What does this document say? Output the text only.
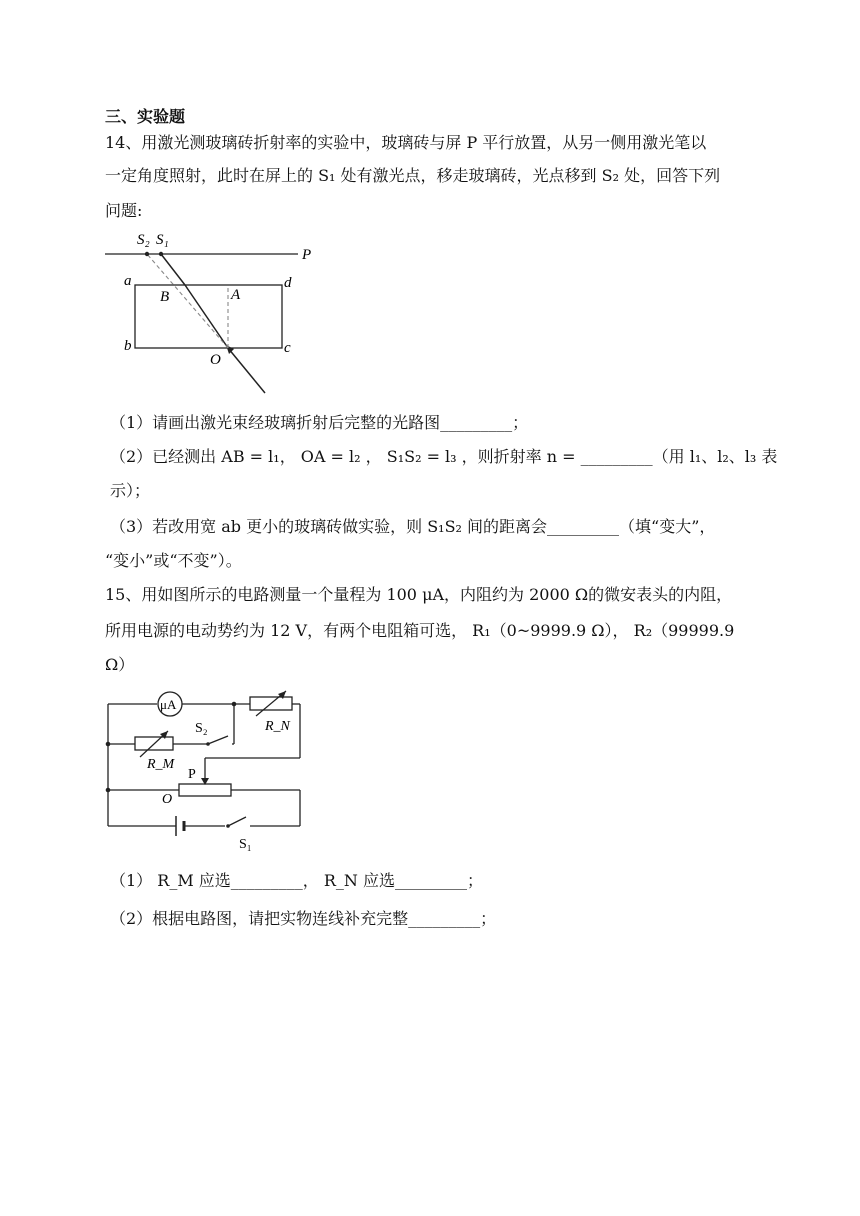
三、实验题
14、用激光测玻璃砖折射率的实验中，玻璃砖与屏 P 平行放置，从另一侧用激光笔以
一定角度照射，此时在屏上的 S₁ 处有激光点，移走玻璃砖，光点移到 S₂ 处，回答下列
问题:
S₂ S₁
P
a	d
B	A
b	c
O
（1）请画出激光束经玻璃折射后完整的光路图_________；
（2）已经测出 AB = l₁， OA = l₂ ， S₁S₂ = l₃ ，则折射率 n = _________（用 l₁、l₂、l₃ 表
示）；
（3）若改用宽 ab 更小的玻璃砖做实验，则 S₁S₂ 间的距离会_________（填“变大”，
“变小”或“不变”）。
15、用如图所示的电路测量一个量程为 100 μA，内阻约为 2000 Ω的微安表头的内阻，
所用电源的电动势约为 12 V，有两个电阻箱可选， R₁（0~9999.9 Ω）， R₂（99999.9
Ω）
μA
S₂	R_N
R_M
P
O
S₁
（1） R_M 应选_________， R_N 应选_________；
（2）根据电路图，请把实物连线补充完整_________；
